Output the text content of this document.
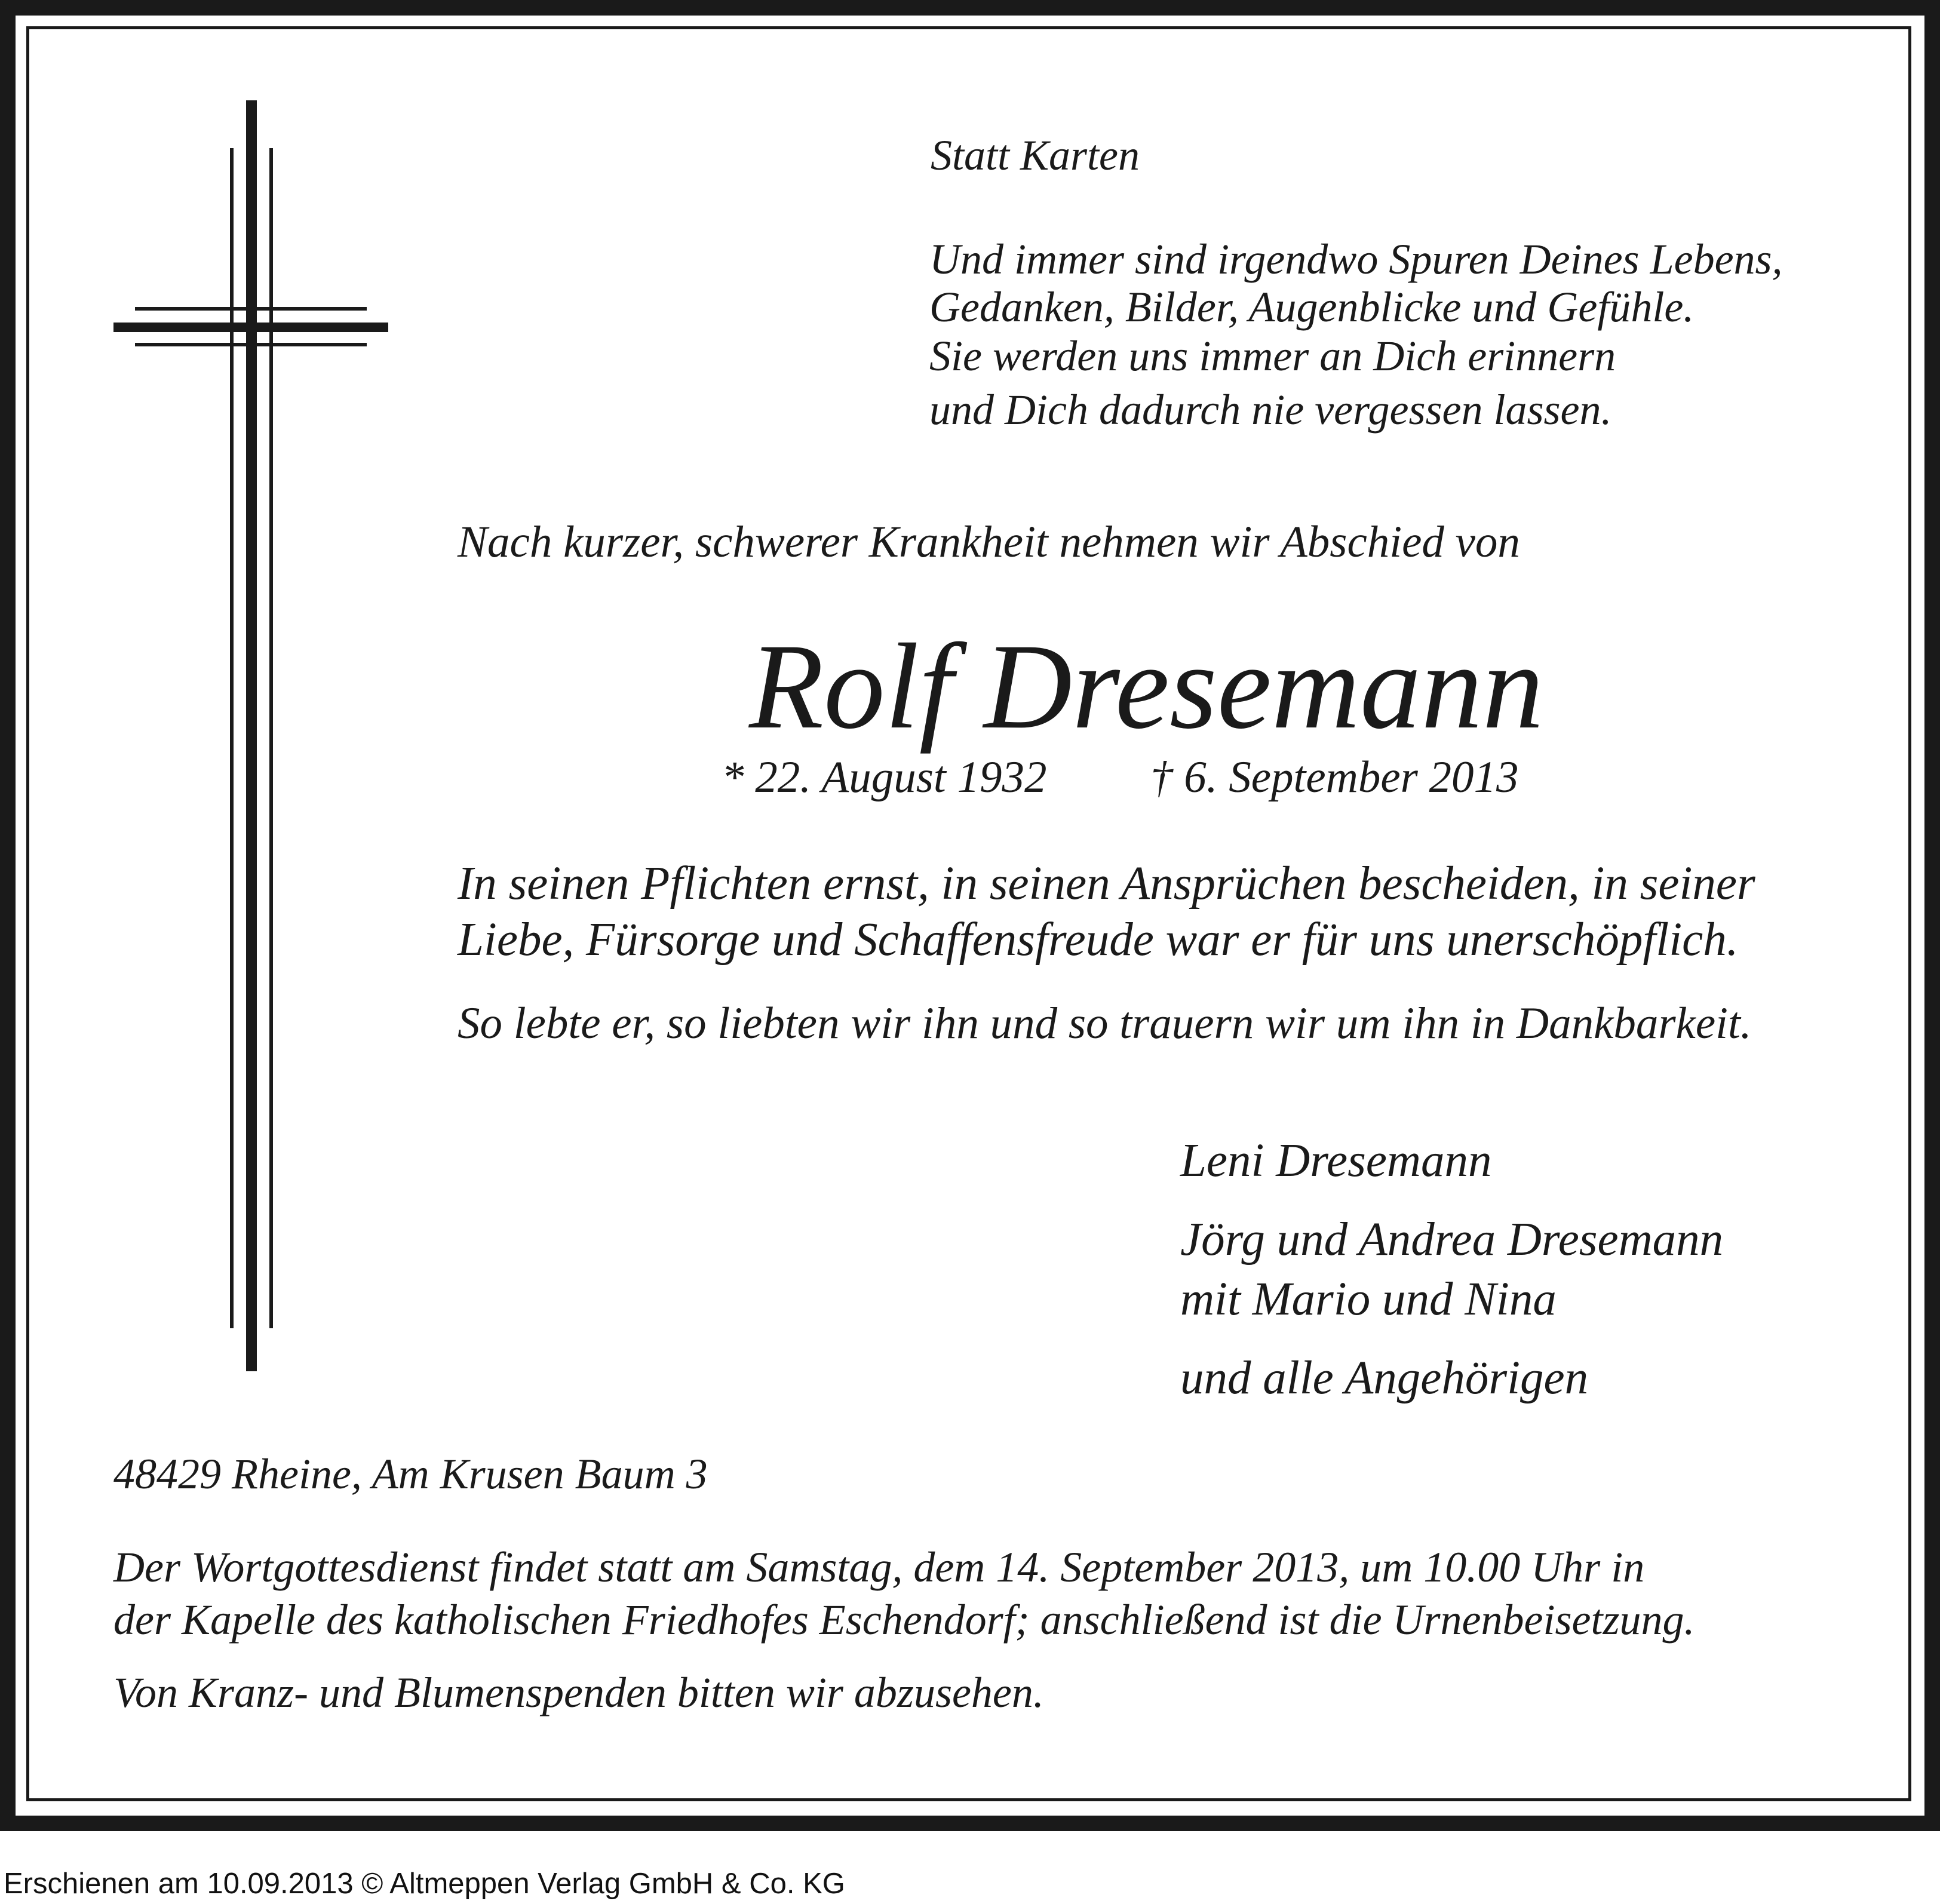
Statt Karten

Und immer sind irgendwo Spuren Deines Lebens,

Gedanken, Bilder, Augenblicke und Gefühle.

Sie werden uns immer an Dich erinnern

und Dich dadurch nie vergessen lassen.

Nach kurzer, schwerer Krankheit nehmen wir Abschied von

Rolf Dresemann

* 22. August 1932 † 6. September 2013

In seinen Pflichten ernst, in seinen Ansprüchen bescheiden, in seiner

Liebe, Fürsorge und Schaffensfreude war er für uns unerschöpflich.

So lebte er, so liebten wir ihn und so trauern wir um ihn in Dankbarkeit.

Leni Dresemann

Jörg und Andrea Dresemann

mit Mario und Nina

und alle Angehörigen

48429 Rheine, Am Krusen Baum 3

Der Wortgottesdienst findet statt am Samstag, dem 14. September 2013, um 10.00 Uhr in

der Kapelle des katholischen Friedhofes Eschendorf; anschließend ist die Urnenbeisetzung.

Von Kranz- und Blumenspenden bitten wir abzusehen.

Erschienen am 10.09.2013 © Altmeppen Verlag GmbH & Co. KG
